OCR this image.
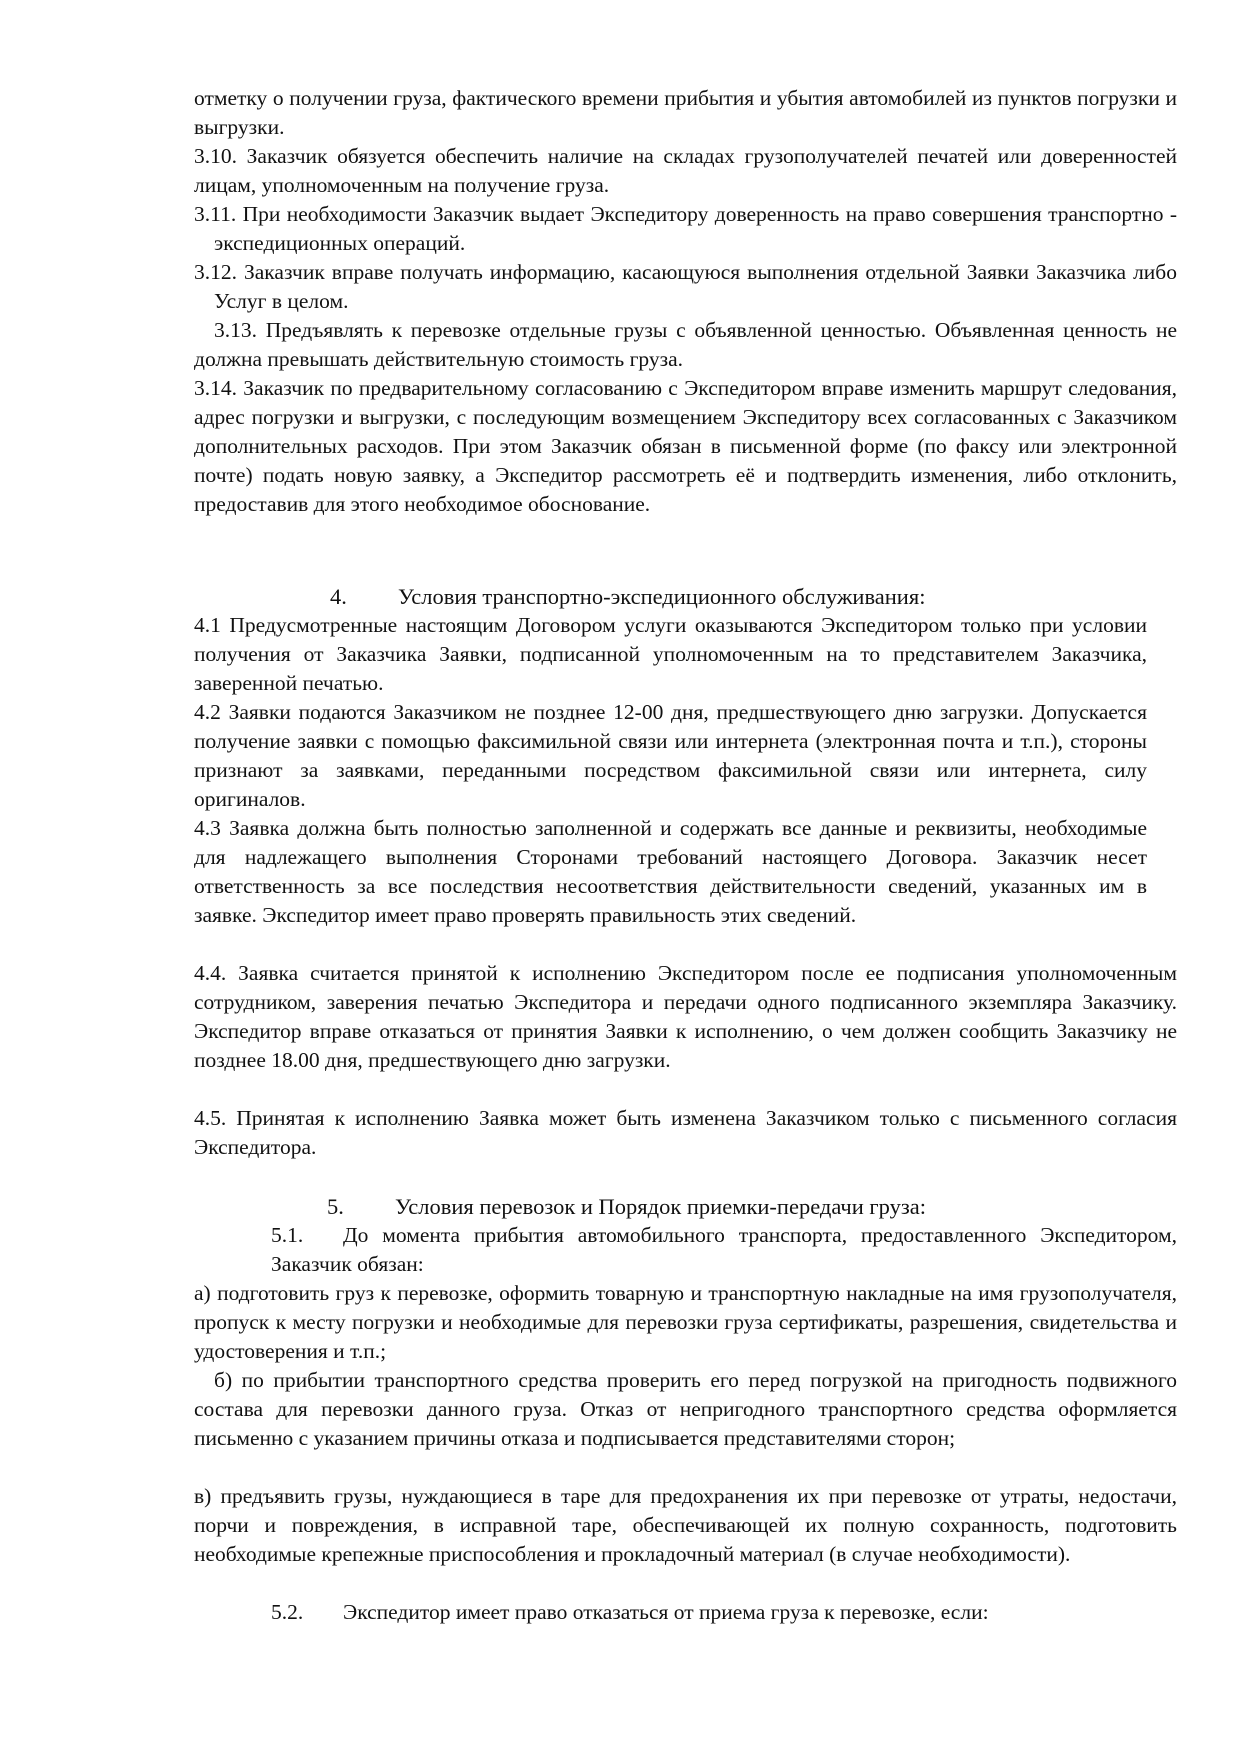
отметку о получении груза, фактического времени прибытия и убытия автомобилей из пунктов погрузки и выгрузки.

3.10. Заказчик обязуется обеспечить наличие на складах грузополучателей печатей или доверенностей лицам, уполномоченным на получение груза.

3.11. При необходимости Заказчик выдает Экспедитору доверенность на право совершения транспортно - экспедиционных операций.

3.12. Заказчик вправе получать информацию, касающуюся выполнения отдельной Заявки Заказчика либо Услуг в целом.

3.13. Предъявлять к перевозке отдельные грузы с объявленной ценностью. Объявленная ценность не должна превышать действительную стоимость груза.

3.14. Заказчик по предварительному согласованию с Экспедитором вправе изменить маршрут следования, адрес погрузки и выгрузки, с последующим возмещением Экспедитору всех согласованных с Заказчиком дополнительных расходов. При этом Заказчик обязан в письменной форме (по факсу или электронной почте) подать новую заявку, а Экспедитор рассмотреть её и подтвердить изменения, либо отклонить, предоставив для этого необходимое обоснование.

4. Условия транспортно-экспедиционного обслуживания:

4.1 Предусмотренные настоящим Договором услуги оказываются Экспедитором только при условии получения от Заказчика Заявки, подписанной уполномоченным на то представителем Заказчика, заверенной печатью.

4.2 Заявки подаются Заказчиком не позднее 12-00 дня, предшествующего дню загрузки. Допускается получение заявки с помощью факсимильной связи или интернета (электронная почта и т.п.), стороны признают за заявками, переданными посредством факсимильной связи или интернета, силу оригиналов.

4.3 Заявка должна быть полностью заполненной и содержать все данные и реквизиты, необходимые для надлежащего выполнения Сторонами требований настоящего Договора. Заказчик несет ответственность за все последствия несоответствия действительности сведений, указанных им в заявке. Экспедитор имеет право проверять правильность этих сведений.

4.4. Заявка считается принятой к исполнению Экспедитором после ее подписания уполномоченным сотрудником, заверения печатью Экспедитора и передачи одного подписанного экземпляра Заказчику. Экспедитор вправе отказаться от принятия Заявки к исполнению, о чем должен сообщить Заказчику не позднее 18.00 дня, предшествующего дню загрузки.

4.5. Принятая к исполнению Заявка может быть изменена Заказчиком только с письменного согласия Экспедитора.

5. Условия перевозок и Порядок приемки-передачи груза:
5.1.	До момента прибытия автомобильного транспорта, предоставленного Экспедитором, Заказчик обязан:

а) подготовить груз к перевозке, оформить товарную и транспортную накладные на имя грузополучателя, пропуск к месту погрузки и необходимые для перевозки груза сертификаты, разрешения, свидетельства и удостоверения и т.п.;

б) по прибытии транспортного средства проверить его перед погрузкой на пригодность подвижного состава для перевозки данного груза. Отказ от непригодного транспортного средства оформляется письменно с указанием причины отказа и подписывается представителями сторон;

в) предъявить грузы, нуждающиеся в таре для предохранения их при перевозке от утраты, недостачи, порчи и повреждения, в исправной таре, обеспечивающей их полную сохранность, подготовить необходимые крепежные приспособления и прокладочный материал (в случае необходимости).

5.2. Экспедитор имеет право отказаться от приема груза к перевозке, если:
